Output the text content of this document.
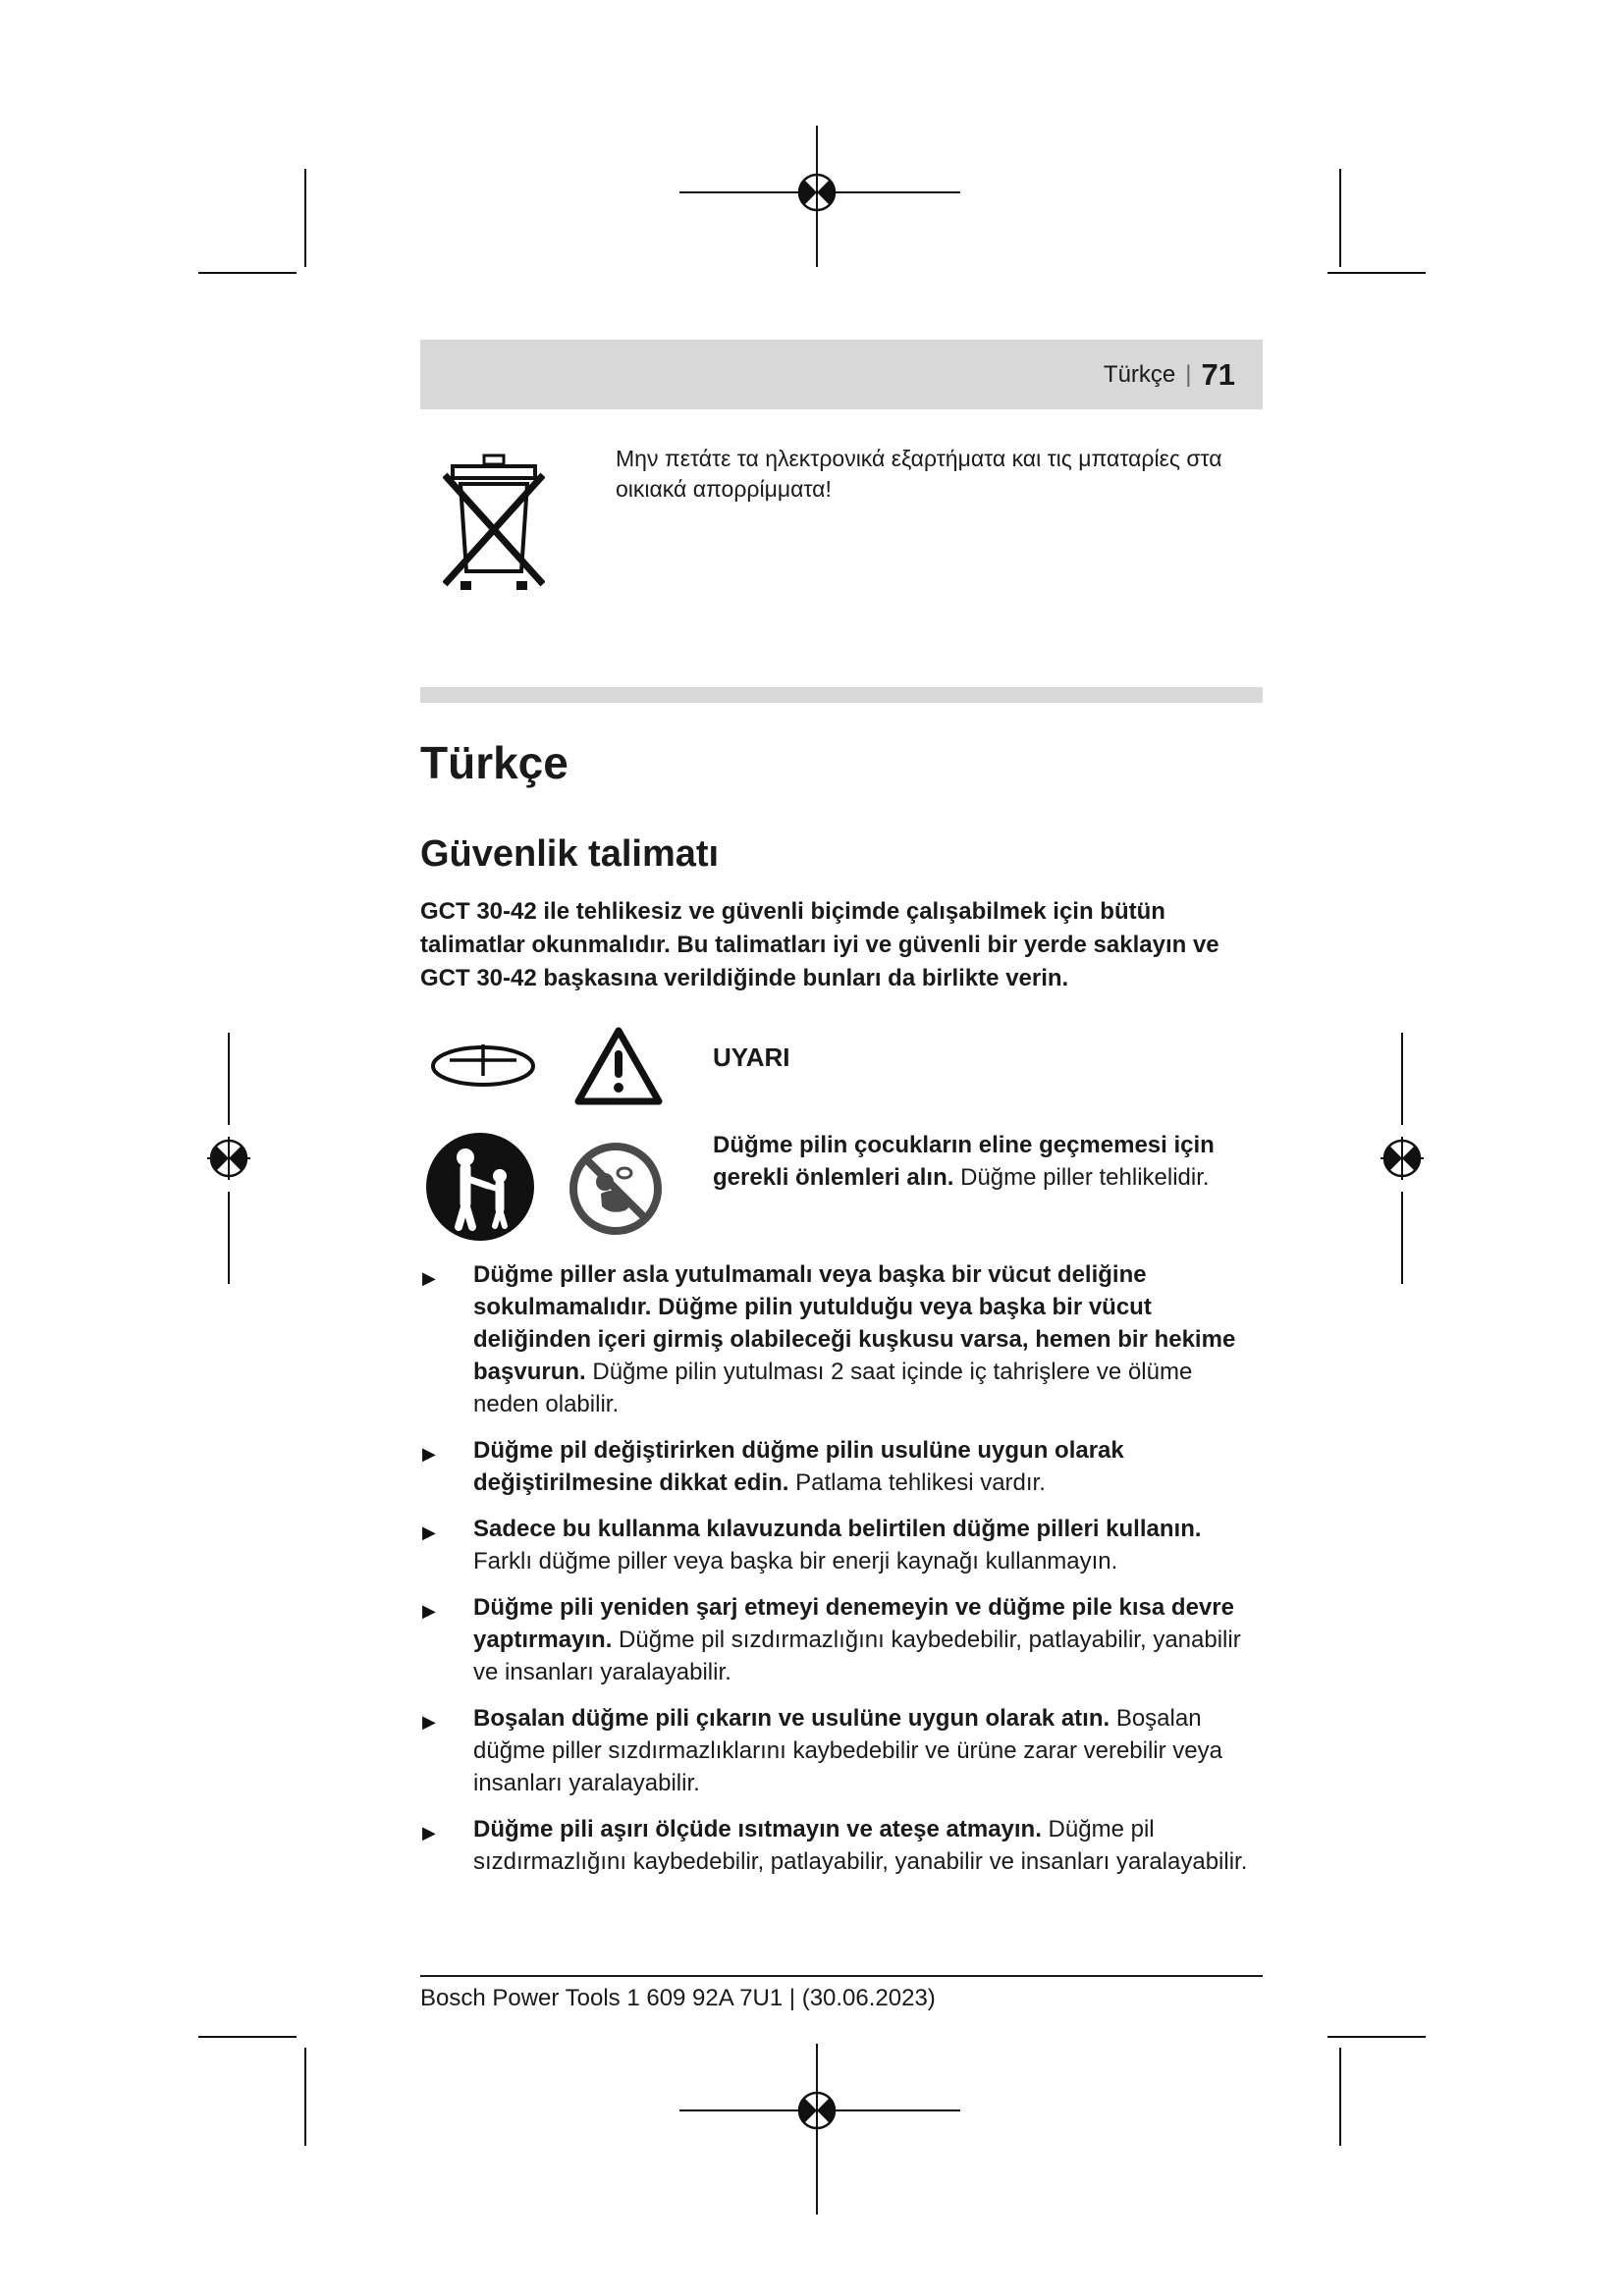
Türkçe | 71
Μην πετάτε τα ηλεκτρονικά εξαρτήματα και τις μπαταρίες στα οικιακά απορρίμματα!
Türkçe
Güvenlik talimatı
GCT 30-42 ile tehlikesiz ve güvenli biçimde çalışabilmek için bütün talimatlar okunmalıdır. Bu talimatları iyi ve güvenli bir yerde saklayın ve GCT 30-42 başkasına verildiğinde bunları da birlikte verin.
UYARI
Düğme pilin çocukların eline geçmemesi için gerekli önlemleri alın. Düğme piller tehlikelidir.
▶ Düğme piller asla yutulmamalı veya başka bir vücut deliğine sokulmamalıdır. Düğme pilin yutulduğu veya başka bir vücut deliğinden içeri girmiş olabileceği kuşkusu varsa, hemen bir hekime başvurun. Düğme pilin yutulması 2 saat içinde iç tahrişlere ve ölüme neden olabilir.
▶ Düğme pil değiştirirken düğme pilin usulüne uygun olarak değiştirilmesine dikkat edin. Patlama tehlikesi vardır.
▶ Sadece bu kullanma kılavuzunda belirtilen düğme pilleri kullanın. Farklı düğme piller veya başka bir enerji kaynağı kullanmayın.
▶ Düğme pili yeniden şarj etmeyi denemeyin ve düğme pile kısa devre yaptırmayın. Düğme pil sızdırmazlığını kaybedebilir, patlayabilir, yanabilir ve insanları yaralayabilir.
▶ Boşalan düğme pili çıkarın ve usulüne uygun olarak atın. Boşalan düğme piller sızdırmazlıklarını kaybedebilir ve ürüne zarar verebilir veya insanları yaralayabilir.
▶ Düğme pili aşırı ölçüde ısıtmayın ve ateşe atmayın. Düğme pil sızdırmazlığını kaybedebilir, patlayabilir, yanabilir ve insanları yaralayabilir.
Bosch Power Tools 1 609 92A 7U1 | (30.06.2023)
